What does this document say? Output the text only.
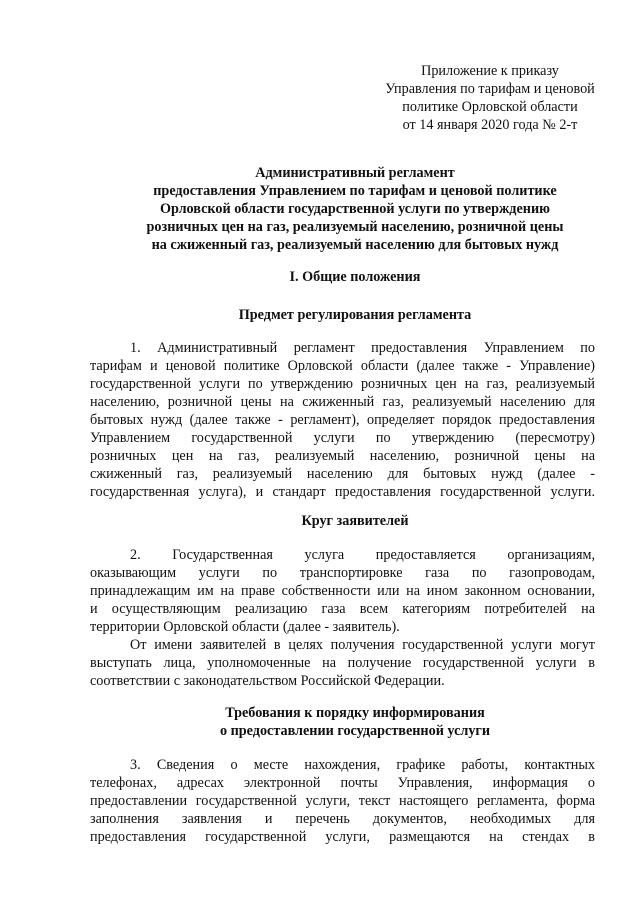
Приложение к приказу
Управления по тарифам и ценовой
политике Орловской области
от 14 января 2020 года № 2-т
Административный регламент
предоставления Управлением по тарифам и ценовой политике
Орловской области государственной услуги по утверждению
розничных цен на газ, реализуемый населению, розничной цены
на сжиженный газ, реализуемый населению для бытовых нужд
I. Общие положения
Предмет регулирования регламента
1. Административный регламент предоставления Управлением по
тарифам и ценовой политике Орловской области (далее также - Управление)
государственной услуги по утверждению розничных цен на газ, реализуемый
населению, розничной цены на сжиженный газ, реализуемый населению для
бытовых нужд (далее также - регламент), определяет порядок предоставления
Управлением государственной услуги по утверждению (пересмотру)
розничных цен на газ, реализуемый населению, розничной цены на
сжиженный газ, реализуемый населению для бытовых нужд (далее -
государственная услуга), и стандарт предоставления государственной услуги.
Круг заявителей
2. Государственная услуга предоставляется организациям,
оказывающим услуги по транспортировке газа по газопроводам,
принадлежащим им на праве собственности или на ином законном основании,
и осуществляющим реализацию газа всем категориям потребителей на
территории Орловской области (далее - заявитель).
От имени заявителей в целях получения государственной услуги могут
выступать лица, уполномоченные на получение государственной услуги в
соответствии с законодательством Российской Федерации.
Требования к порядку информирования
о предоставлении государственной услуги
3. Сведения о месте нахождения, графике работы, контактных
телефонах, адресах электронной почты Управления, информация о
предоставлении государственной услуги, текст настоящего регламента, форма
заполнения заявления и перечень документов, необходимых для
предоставления государственной услуги, размещаются на стендах в
